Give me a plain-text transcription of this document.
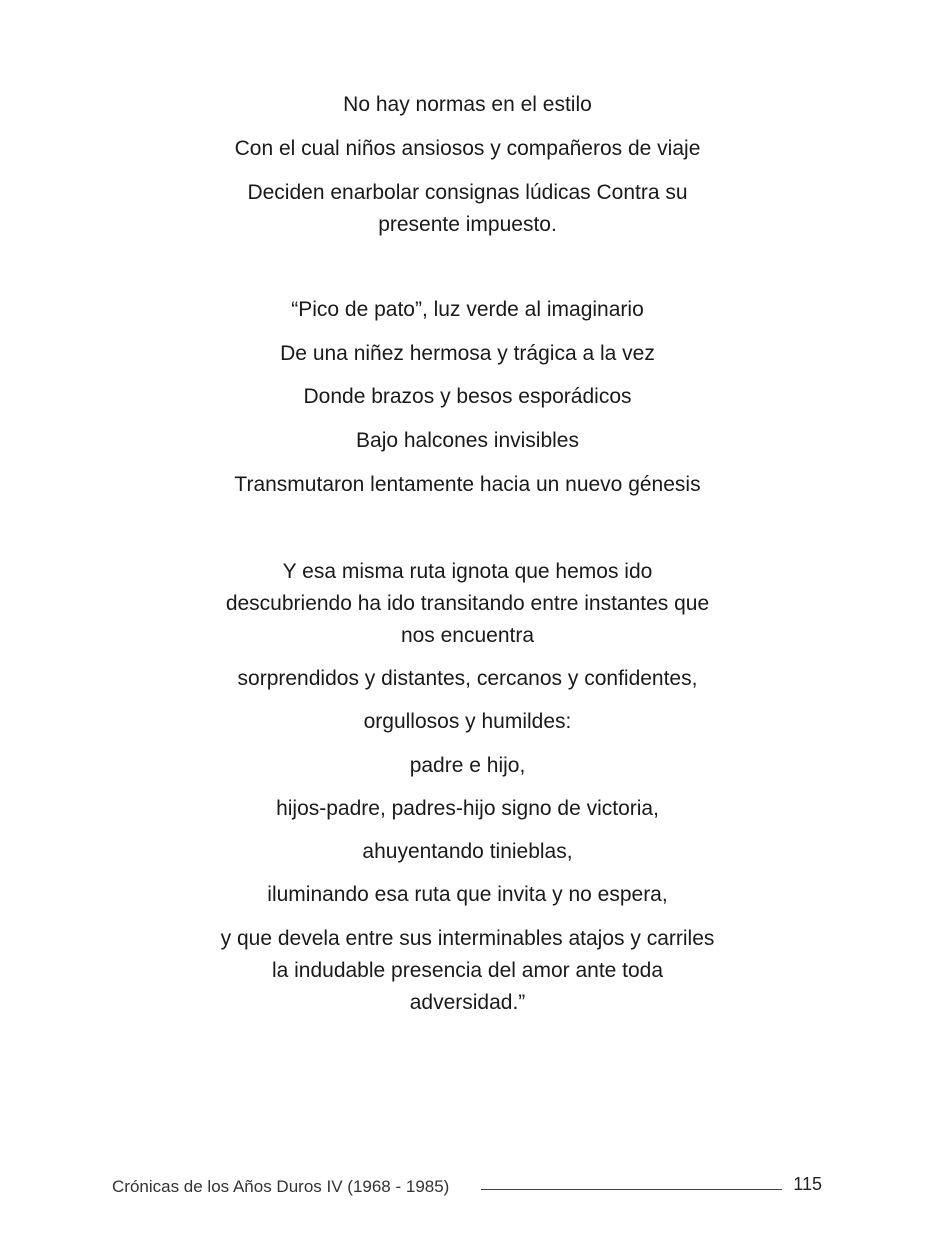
No hay normas en el estilo
Con el cual niños ansiosos y compañeros de viaje
Deciden enarbolar consignas lúdicas Contra su presente impuesto.
“Pico de pato”, luz verde al imaginario
De una niñez hermosa y trágica a la vez
Donde brazos y besos esporádicos
Bajo halcones invisibles
Transmutaron lentamente hacia un nuevo génesis
Y esa misma ruta ignota que hemos ido descubriendo ha ido transitando entre instantes que nos encuentra
sorprendidos y distantes, cercanos y confidentes,
orgullosos y humildes:
padre e hijo,
hijos-padre, padres-hijo signo de victoria,
ahuyentando tinieblas,
iluminando esa ruta que invita y no espera,
y que devela entre sus interminables atajos y carriles la indudable presencia del amor ante toda adversidad.”
Crónicas de los Años Duros IV (1968 - 1985)	115
